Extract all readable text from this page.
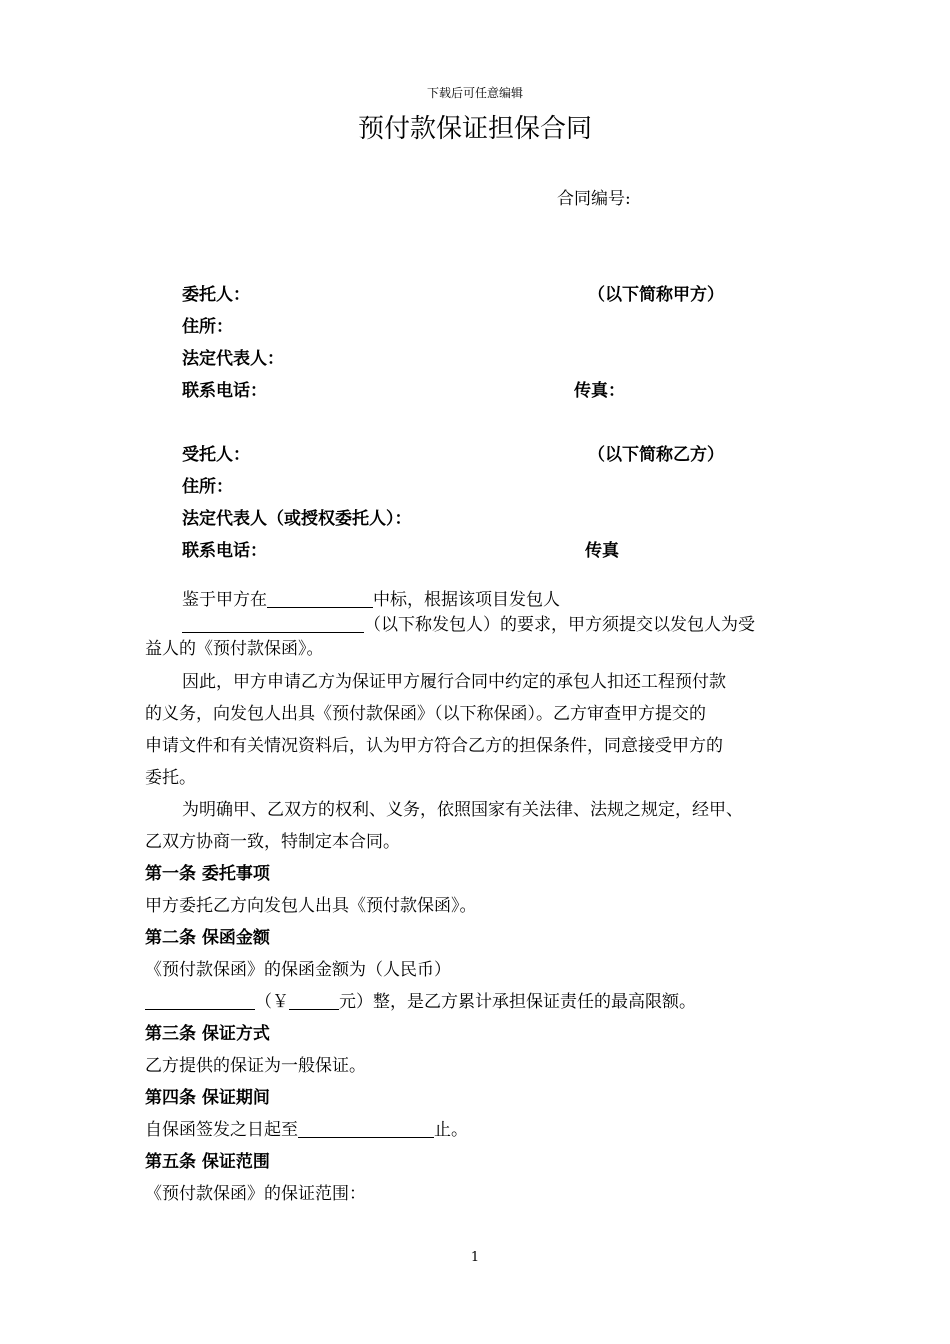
下载后可任意编辑
预付款保证担保合同
合同编号:
委托人：	（以下简称甲方）
住所：
法定代表人：
联系电话：	传真：
受托人：	（以下简称乙方）
住所：
法定代表人（或授权委托人）：
联系电话：	传真
鉴于甲方在	中标，根据该项目发包人
（以下称发包人）的要求，甲方须提交以发包人为受
益人的《预付款保函》。
因此，甲方申请乙方为保证甲方履行合同中约定的承包人扣还工程预付款
的义务，向发包人出具《预付款保函》（以下称保函）。乙方审查甲方提交的
申请文件和有关情况资料后，认为甲方符合乙方的担保条件，同意接受甲方的
委托。
为明确甲、乙双方的权利、义务，依照国家有关法律、法规之规定，经甲、
乙双方协商一致，特制定本合同。
第一条 委托事项
甲方委托乙方向发包人出具《预付款保函》。
第二条 保函金额
《预付款保函》的保函金额为（人民币）
（￥	元）整，是乙方累计承担保证责任的最高限额。
第三条 保证方式
乙方提供的保证为一般保证。
第四条 保证期间
自保函签发之日起至	止。
第五条 保证范围
《预付款保函》的保证范围：
1
